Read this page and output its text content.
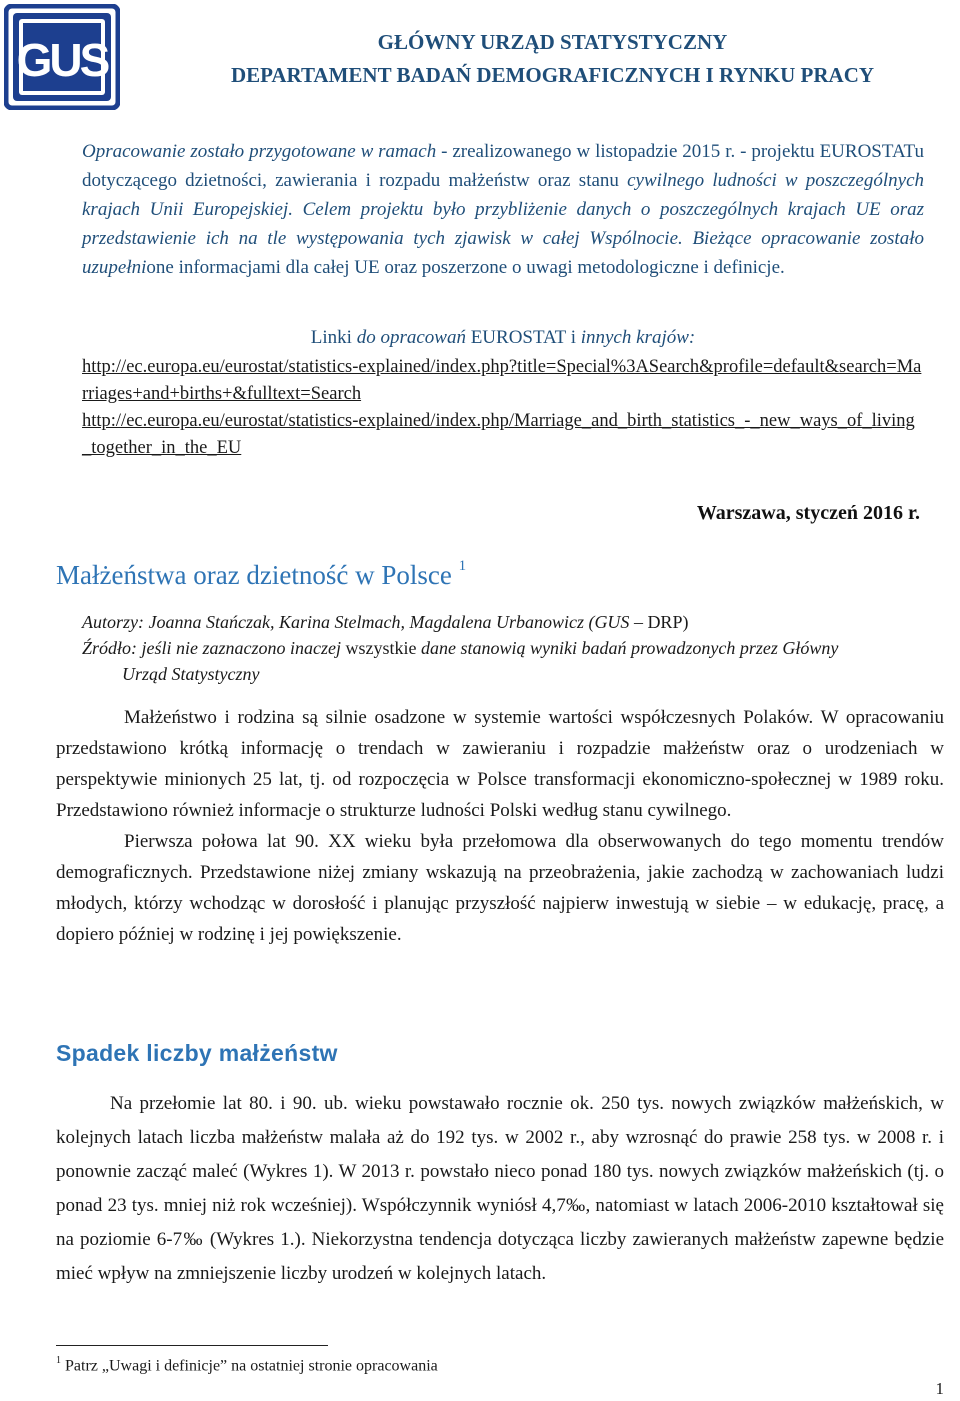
GUS	GŁÓWNY URZĄD STATYSTYCZNY
DEPARTAMENT BADAŃ DEMOGRAFICZNYCH I RYNKU PRACY

Opracowanie zostało przygotowane w ramach - zrealizowanego w listopadzie 2015 r. - projektu EUROSTATu dotyczącego dzietności, zawierania i rozpadu małżeństw oraz stanu cywilnego ludności w poszczególnych krajach Unii Europejskiej. Celem projektu było przybliżenie danych o poszczególnych krajach UE oraz przedstawienie ich na tle występowania tych zjawisk w całej Wspólnocie. Bieżące opracowanie zostało uzupełnione informacjami dla całej UE oraz poszerzone o uwagi metodologiczne i definicje.

Linki do opracowań EUROSTAT i innych krajów:
http://ec.europa.eu/eurostat/statistics-explained/index.php?title=Special%3ASearch&profile=default&search=Marriages+and+births+&fulltext=Search
http://ec.europa.eu/eurostat/statistics-explained/index.php/Marriage_and_birth_statistics_-_new_ways_of_living_together_in_the_EU
Warszawa, styczeń 2016 r.
Małżeństwa oraz dzietność w Polsce $^1$

Autorzy: Joanna Stańczak, Karina Stelmach, Magdalena Urbanowicz (GUS – DRP)

Źródło: jeśli nie zaznaczono inaczej wszystkie dane stanowią wyniki badań prowadzonych przez Główny

Urząd Statystyczny

Małżeństwo i rodzina są silnie osadzone w systemie wartości współczesnych Polaków. W opracowaniu przedstawiono krótką informację o trendach w zawieraniu i rozpadzie małżeństw oraz o urodzeniach w perspektywie minionych 25 lat, tj. od rozpoczęcia w Polsce transformacji ekonomiczno-społecznej w 1989 roku. Przedstawiono również informacje o strukturze ludności Polski według stanu cywilnego.

Pierwsza połowa lat 90. XX wieku była przełomowa dla obserwowanych do tego momentu trendów demograficznych. Przedstawione niżej zmiany wskazują na przeobrażenia, jakie zachodzą w zachowaniach ludzi młodych, którzy wchodząc w dorosłość i planując przyszłość najpierw inwestują w siebie – w edukację, pracę, a dopiero później w rodzinę i jej powiększenie.

Spadek liczby małżeństw

Na przełomie lat 80. i 90. ub. wieku powstawało rocznie ok. 250 tys. nowych związków małżeńskich, w kolejnych latach liczba małżeństw malała aż do 192 tys. w 2002 r., aby wzrosnąć do prawie 258 tys. w 2008 r. i ponownie zacząć maleć (Wykres 1). W 2013 r. powstało nieco ponad 180 tys. nowych związków małżeńskich (tj. o ponad 23 tys. mniej niż rok wcześniej). Współczynnik wyniósł 4,7‰, natomiast w latach 2006-2010 kształtował się na poziomie 6-7‰ (Wykres 1.). Niekorzystna tendencja dotycząca liczby zawieranych małżeństw zapewne będzie mieć wpływ na zmniejszenie liczby urodzeń w kolejnych latach.

$^1$ Patrz „Uwagi i definicje” na ostatniej stronie opracowania
1
